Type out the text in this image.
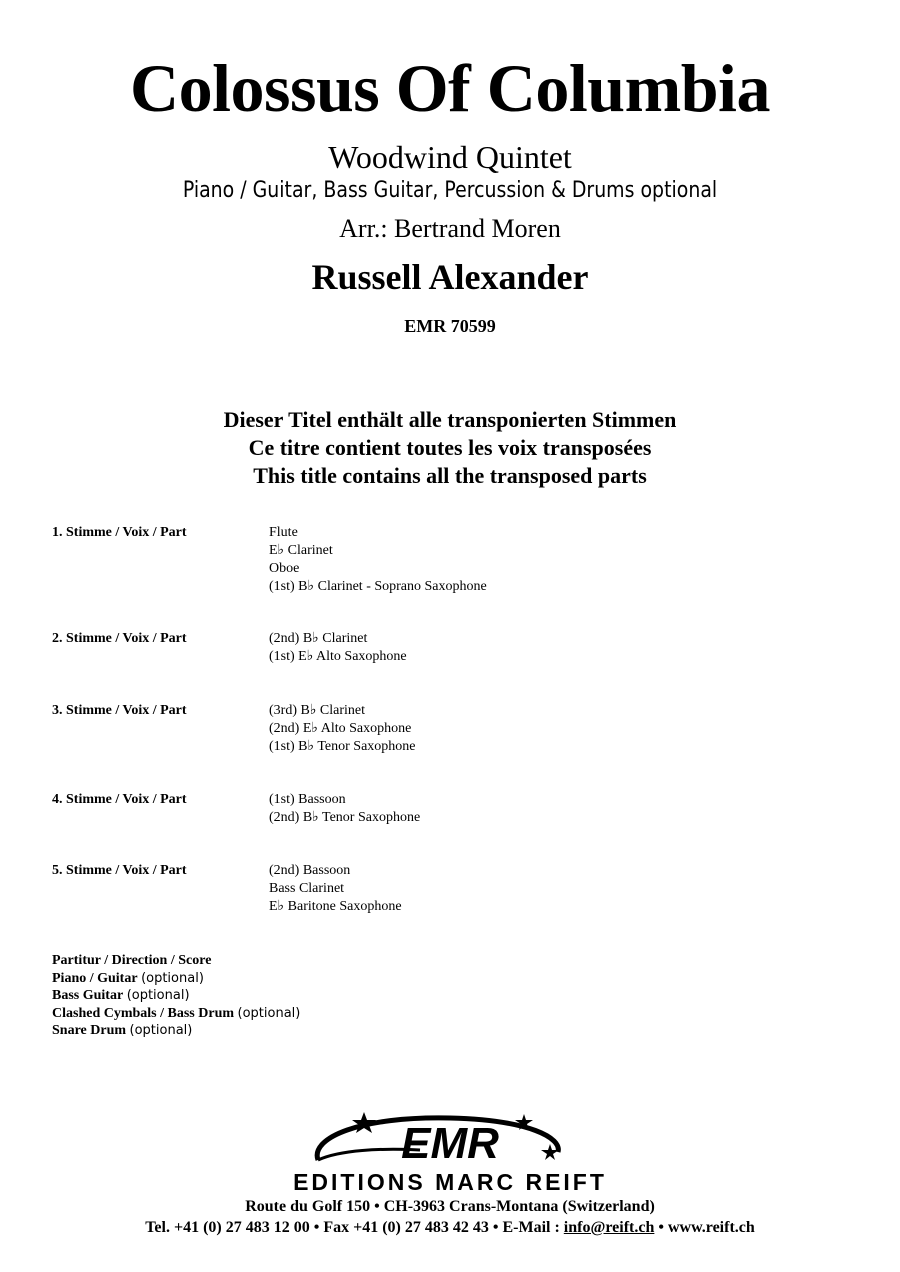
Colossus Of Columbia
Woodwind Quintet
Piano / Guitar, Bass Guitar, Percussion & Drums optional
Arr.: Bertrand Moren
Russell Alexander
EMR 70599
Dieser Titel enthält alle transponierten Stimmen
Ce titre contient toutes les voix transposées
This title contains all the transposed parts
1. Stimme / Voix / Part	Flute
E♭ Clarinet
Oboe
(1st) B♭ Clarinet - Soprano Saxophone
2. Stimme / Voix / Part	(2nd) B♭ Clarinet
(1st) E♭ Alto Saxophone
3. Stimme / Voix / Part	(3rd) B♭ Clarinet
(2nd) E♭ Alto Saxophone
(1st) B♭ Tenor Saxophone
4. Stimme / Voix / Part	(1st) Bassoon
(2nd) B♭ Tenor Saxophone
5. Stimme / Voix / Part	(2nd) Bassoon
Bass Clarinet
E♭ Baritone Saxophone
Partitur / Direction / Score
Piano / Guitar (optional)
Bass Guitar (optional)
Clashed Cymbals / Bass Drum (optional)
Snare Drum (optional)
EMR
EDITIONS MARC REIFT
Route du Golf 150 • CH-3963 Crans-Montana (Switzerland)
Tel. +41 (0) 27 483 12 00 • Fax +41 (0) 27 483 42 43 • E-Mail : info@reift.ch • www.reift.ch
